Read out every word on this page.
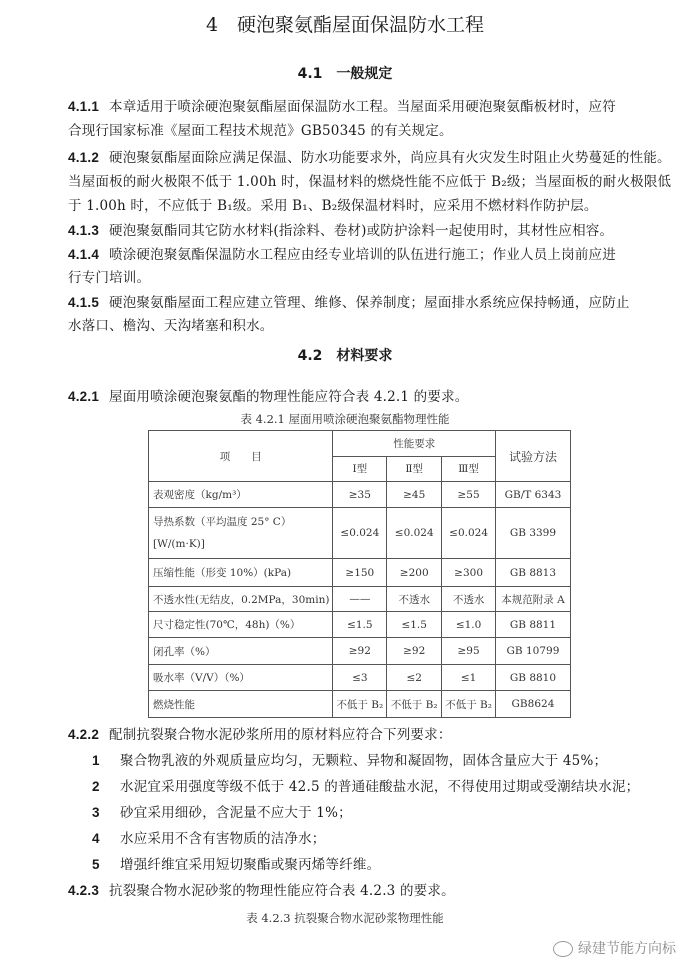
4　硬泡聚氨酯屋面保温防水工程
4.1　一般规定
4.1.1 本章适用于喷涂硬泡聚氨酯屋面保温防水工程。当屋面采用硬泡聚氨酯板材时，应符
合现行国家标准《屋面工程技术规范》GB50345 的有关规定。
4.1.2 硬泡聚氨酯屋面除应满足保温、防水功能要求外，尚应具有火灾发生时阻止火势蔓延的性能。
当屋面板的耐火极限不低于 1.00h 时，保温材料的燃烧性能不应低于 B₂级；当屋面板的耐火极限低
于 1.00h 时，不应低于 B₁级。采用 B₁、B₂级保温材料时，应采用不燃材料作防护层。
4.1.3 硬泡聚氨酯同其它防水材料(指涂料、卷材)或防护涂料一起使用时，其材性应相容。
4.1.4 喷涂硬泡聚氨酯保温防水工程应由经专业培训的队伍进行施工；作业人员上岗前应进
行专门培训。
4.1.5 硬泡聚氨酯屋面工程应建立管理、维修、保养制度；屋面排水系统应保持畅通，应防止
水落口、檐沟、天沟堵塞和积水。
4.2　材料要求
4.2.1 屋面用喷涂硬泡聚氨酯的物理性能应符合表 4.2.1 的要求。
表 4.2.1 屋面用喷涂硬泡聚氨酯物理性能
项　　目	性能要求			试验方法
	Ⅰ型	Ⅱ型	Ⅲ型	
表观密度（kg/m³）	≥35	≥45	≥55	GB/T 6343
导热系数（平均温度 25° C）[W/(m·K)]	≤0.024	≤0.024	≤0.024	GB 3399
压缩性能（形变 10%）(kPa)	≥150	≥200	≥300	GB 8813
不透水性(无结皮，0.2MPa，30min)	——	不透水	不透水	本规范附录 A
尺寸稳定性(70℃，48h)（%）	≤1.5	≤1.5	≤1.0	GB 8811
闭孔率（%）	≥92	≥92	≥95	GB 10799
吸水率（V/V）（%）	≤3	≤2	≤1	GB 8810
燃烧性能	不低于 B₂	不低于 B₂	不低于 B₂	GB8624
4.2.2 配制抗裂聚合物水泥砂浆所用的原材料应符合下列要求：
1 聚合物乳液的外观质量应均匀，无颗粒、异物和凝固物，固体含量应大于 45%；
2 水泥宜采用强度等级不低于 42.5 的普通硅酸盐水泥，不得使用过期或受潮结块水泥；
3 砂宜采用细砂，含泥量不应大于 1%；
4 水应采用不含有害物质的洁净水；
5 增强纤维宜采用短切聚酯或聚丙烯等纤维。
4.2.3 抗裂聚合物水泥砂浆的物理性能应符合表 4.2.3 的要求。
表 4.2.3 抗裂聚合物水泥砂浆物理性能
绿建节能方向标
